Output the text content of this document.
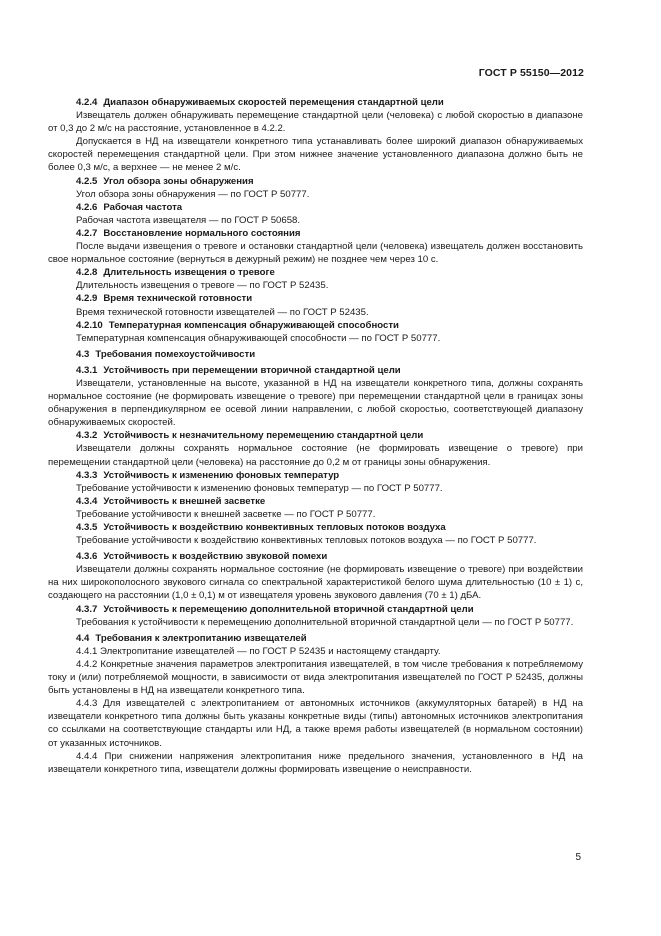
ГОСТ Р 55150—2012

4.2.4 Диапазон обнаруживаемых скоростей перемещения стандартной цели

Извещатель должен обнаруживать перемещение стандартной цели (человека) с любой скоростью в диапазоне от 0,3 до 2 м/с на расстояние, установленное в 4.2.2.

Допускается в НД на извещатели конкретного типа устанавливать более широкий диапазон обнаруживаемых скоростей перемещения стандартной цели. При этом нижнее значение установленного диапазона должно быть не более 0,3 м/с, а верхнее — не менее 2 м/с.

4.2.5 Угол обзора зоны обнаружения

Угол обзора зоны обнаружения — по ГОСТ Р 50777.

4.2.6 Рабочая частота

Рабочая частота извещателя — по ГОСТ Р 50658.

4.2.7 Восстановление нормального состояния

После выдачи извещения о тревоге и остановки стандартной цели (человека) извещатель должен восстановить свое нормальное состояние (вернуться в дежурный режим) не позднее чем через 10 с.

4.2.8 Длительность извещения о тревоге

Длительность извещения о тревоге — по ГОСТ Р 52435.

4.2.9 Время технической готовности

Время технической готовности извещателей — по ГОСТ Р 52435.

4.2.10 Температурная компенсация обнаруживающей способности

Температурная компенсация обнаруживающей способности — по ГОСТ Р 50777.

4.3 Требования помехоустойчивости

4.3.1 Устойчивость при перемещении вторичной стандартной цели

Извещатели, установленные на высоте, указанной в НД на извещатели конкретного типа, должны сохранять нормальное состояние (не формировать извещение о тревоге) при перемещении стандартной цели в границах зоны обнаружения в перпендикулярном ее осевой линии направлении, с любой скоростью, соответствующей диапазону обнаруживаемых скоростей.

4.3.2 Устойчивость к незначительному перемещению стандартной цели

Извещатели должны сохранять нормальное состояние (не формировать извещение о тревоге) при перемещении стандартной цели (человека) на расстояние до 0,2 м от границы зоны обнаружения.

4.3.3 Устойчивость к изменению фоновых температур

Требование устойчивости к изменению фоновых температур — по ГОСТ Р 50777.

4.3.4 Устойчивость к внешней засветке

Требование устойчивости к внешней засветке — по ГОСТ Р 50777.

4.3.5 Устойчивость к воздействию конвективных тепловых потоков воздуха

Требование устойчивости к воздействию конвективных тепловых потоков воздуха — по ГОСТ Р 50777.

4.3.6 Устойчивость к воздействию звуковой помехи

Извещатели должны сохранять нормальное состояние (не формировать извещение о тревоге) при воздействии на них широкополосного звукового сигнала со спектральной характеристикой белого шума длительностью (10 ± 1) с, создающего на расстоянии (1,0 ± 0,1) м от извещателя уровень звукового давления (70 ± 1) дБА.

4.3.7 Устойчивость к перемещению дополнительной вторичной стандартной цели

Требования к устойчивости к перемещению дополнительной вторичной стандартной цели — по ГОСТ Р 50777.

4.4 Требования к электропитанию извещателей

4.4.1 Электропитание извещателей — по ГОСТ Р 52435 и настоящему стандарту.

4.4.2 Конкретные значения параметров электропитания извещателей, в том числе требования к потребляемому току и (или) потребляемой мощности, в зависимости от вида электропитания извещателей по ГОСТ Р 52435, должны быть установлены в НД на извещатели конкретного типа.

4.4.3 Для извещателей с электропитанием от автономных источников (аккумуляторных батарей) в НД на извещатели конкретного типа должны быть указаны конкретные виды (типы) автономных источников электропитания со ссылками на соответствующие стандарты или НД, а также время работы извещателей (в нормальном состоянии) от указанных источников.

4.4.4 При снижении напряжения электропитания ниже предельного значения, установленного в НД на извещатели конкретного типа, извещатели должны формировать извещение о неисправности.

5
